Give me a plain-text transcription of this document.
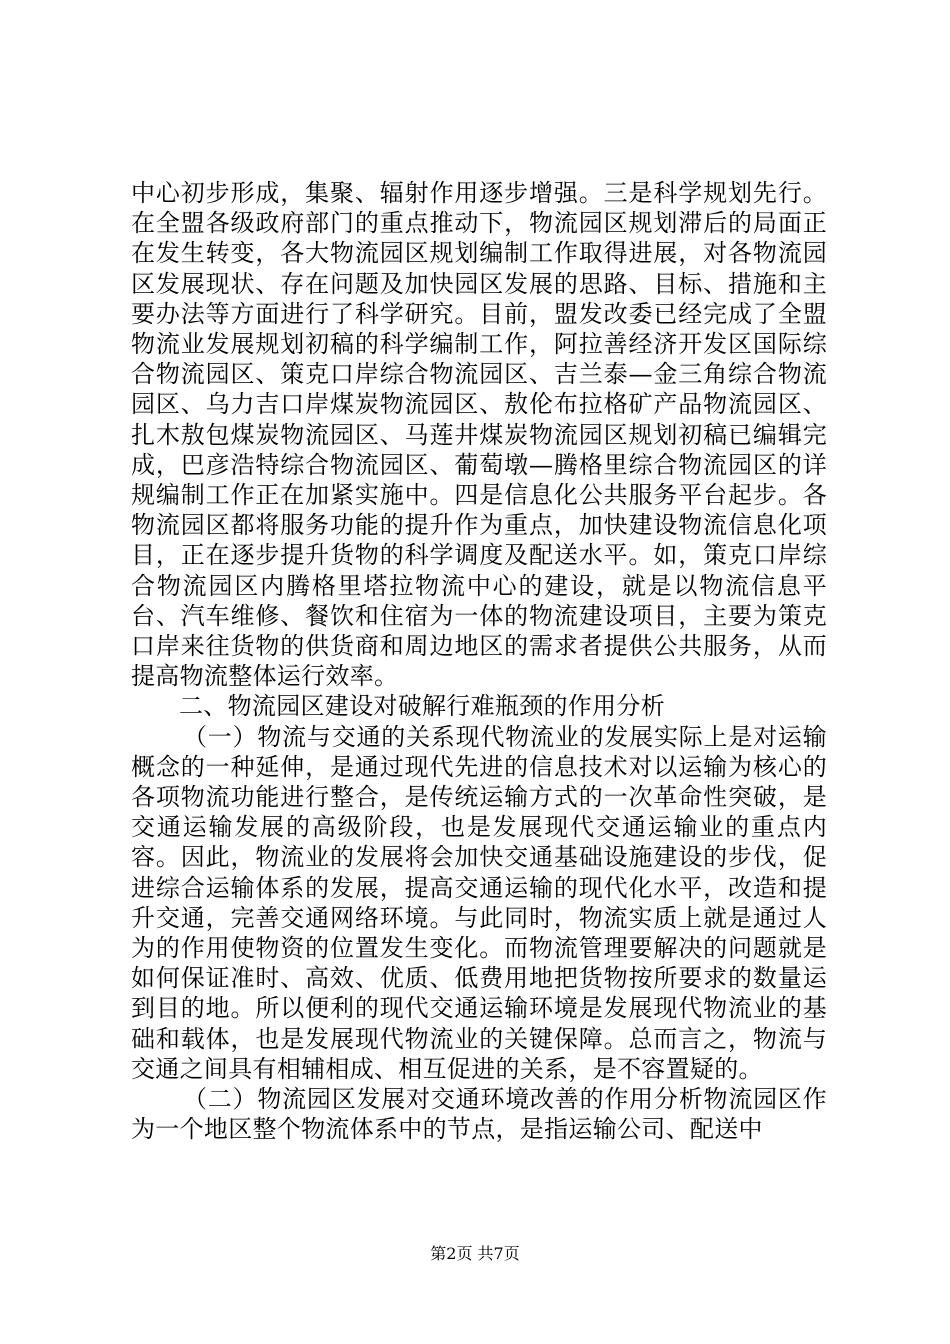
中心初步形成，集聚、辐射作用逐步增强。三是科学规划先行。在全盟各级政府部门的重点推动下，物流园区规划滞后的局面正在发生转变，各大物流园区规划编制工作取得进展，对各物流园区发展现状、存在问题及加快园区发展的思路、目标、措施和主要办法等方面进行了科学研究。目前，盟发改委已经完成了全盟物流业发展规划初稿的科学编制工作，阿拉善经济开发区国际综合物流园区、策克口岸综合物流园区、吉兰泰—金三角综合物流园区、乌力吉口岸煤炭物流园区、敖伦布拉格矿产品物流园区、扎木敖包煤炭物流园区、马莲井煤炭物流园区规划初稿已编辑完成，巴彦浩特综合物流园区、葡萄墩—腾格里综合物流园区的详规编制工作正在加紧实施中。四是信息化公共服务平台起步。各物流园区都将服务功能的提升作为重点，加快建设物流信息化项目，正在逐步提升货物的科学调度及配送水平。如，策克口岸综合物流园区内腾格里塔拉物流中心的建设，就是以物流信息平台、汽车维修、餐饮和住宿为一体的物流建设项目，主要为策克口岸来往货物的供货商和周边地区的需求者提供公共服务，从而提高物流整体运行效率。

二、物流园区建设对破解行难瓶颈的作用分析

（一）物流与交通的关系现代物流业的发展实际上是对运输概念的一种延伸，是通过现代先进的信息技术对以运输为核心的各项物流功能进行整合，是传统运输方式的一次革命性突破，是交通运输发展的高级阶段，也是发展现代交通运输业的重点内容。因此，物流业的发展将会加快交通基础设施建设的步伐，促进综合运输体系的发展，提高交通运输的现代化水平，改造和提升交通，完善交通网络环境。与此同时，物流实质上就是通过人为的作用使物资的位置发生变化。而物流管理要解决的问题就是如何保证准时、高效、优质、低费用地把货物按所要求的数量运到目的地。所以便利的现代交通运输环境是发展现代物流业的基础和载体，也是发展现代物流业的关键保障。总而言之，物流与交通之间具有相辅相成、相互促进的关系，是不容置疑的。

（二）物流园区发展对交通环境改善的作用分析物流园区作为一个地区整个物流体系中的节点，是指运输公司、配送中

第2页 共7页
